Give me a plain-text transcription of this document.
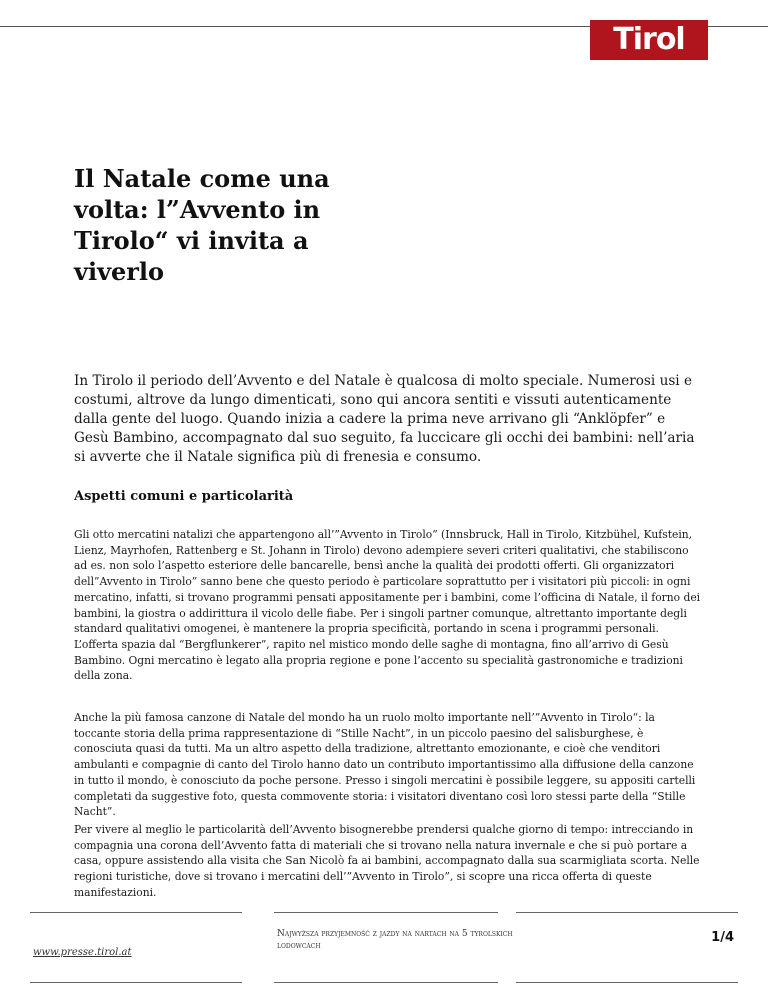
Tirol
Il Natale come una volta: l”Avvento in Tirolo“ vi invita a viverlo

In Tirolo il periodo dell’Avvento e del Natale è qualcosa di molto speciale. Numerosi usi e costumi, altrove da lungo dimenticati, sono qui ancora sentiti e vissuti autenticamente dalla gente del luogo. Quando inizia a cadere la prima neve arrivano gli “Anklöpfer” e Gesù Bambino, accompagnato dal suo seguito, fa luccicare gli occhi dei bambini: nell’aria si avverte che il Natale significa più di frenesia e consumo.

Aspetti comuni e particolarità

Gli otto mercatini natalizi che appartengono all’”Avvento in Tirolo” (Innsbruck, Hall in Tirolo, Kitzbühel, Kufstein, Lienz, Mayrhofen, Rattenberg e St. Johann in Tirolo) devono adempiere severi criteri qualitativi, che stabiliscono ad es. non solo l’aspetto esteriore delle bancarelle, bensì anche la qualità dei prodotti offerti. Gli organizzatori dell”Avvento in Tirolo” sanno bene che questo periodo è particolare soprattutto per i visitatori più piccoli: in ogni mercatino, infatti, si trovano programmi pensati appositamente per i bambini, come l’officina di Natale, il forno dei bambini, la giostra o addirittura il vicolo delle fiabe. Per i singoli partner comunque, altrettanto importante degli standard qualitativi omogenei, è mantenere la propria specificità, portando in scena i programmi personali. L’offerta spazia dal “Bergflunkerer”, rapito nel mistico mondo delle saghe di montagna, fino all’arrivo di Gesù Bambino. Ogni mercatino è legato alla propria regione e pone l’accento su specialità gastronomiche e tradizioni della zona.

Anche la più famosa canzone di Natale del mondo ha un ruolo molto importante nell’”Avvento in Tirolo“: la toccante storia della prima rappresentazione di “Stille Nacht”, in un piccolo paesino del salisburghese, è conosciuta quasi da tutti. Ma un altro aspetto della tradizione, altrettanto emozionante, e cioè che venditori ambulanti e compagnie di canto del Tirolo hanno dato un contributo importantissimo alla diffusione della canzone in tutto il mondo, è conosciuto da poche persone. Presso i singoli mercatini è possibile leggere, su appositi cartelli completati da suggestive foto, questa commovente storia: i visitatori diventano così loro stessi parte della “Stille Nacht”.

Per vivere al meglio le particolarità dell’Avvento bisognerebbe prendersi qualche giorno di tempo: intrecciando in compagnia una corona dell’Avvento fatta di materiali che si trovano nella natura invernale e che si può portare a casa, oppure assistendo alla visita che San Nicolò fa ai bambini, accompagnato dalla sua scarmigliata scorta. Nelle regioni turistiche, dove si trovano i mercatini dell’”Avvento in Tirolo”, si scopre una ricca offerta di queste manifestazioni.

www.presse.tirol.at

Najwyższa przyjemność z jazdy na nartach na 5 tyrolskich lodowcach

1/4
